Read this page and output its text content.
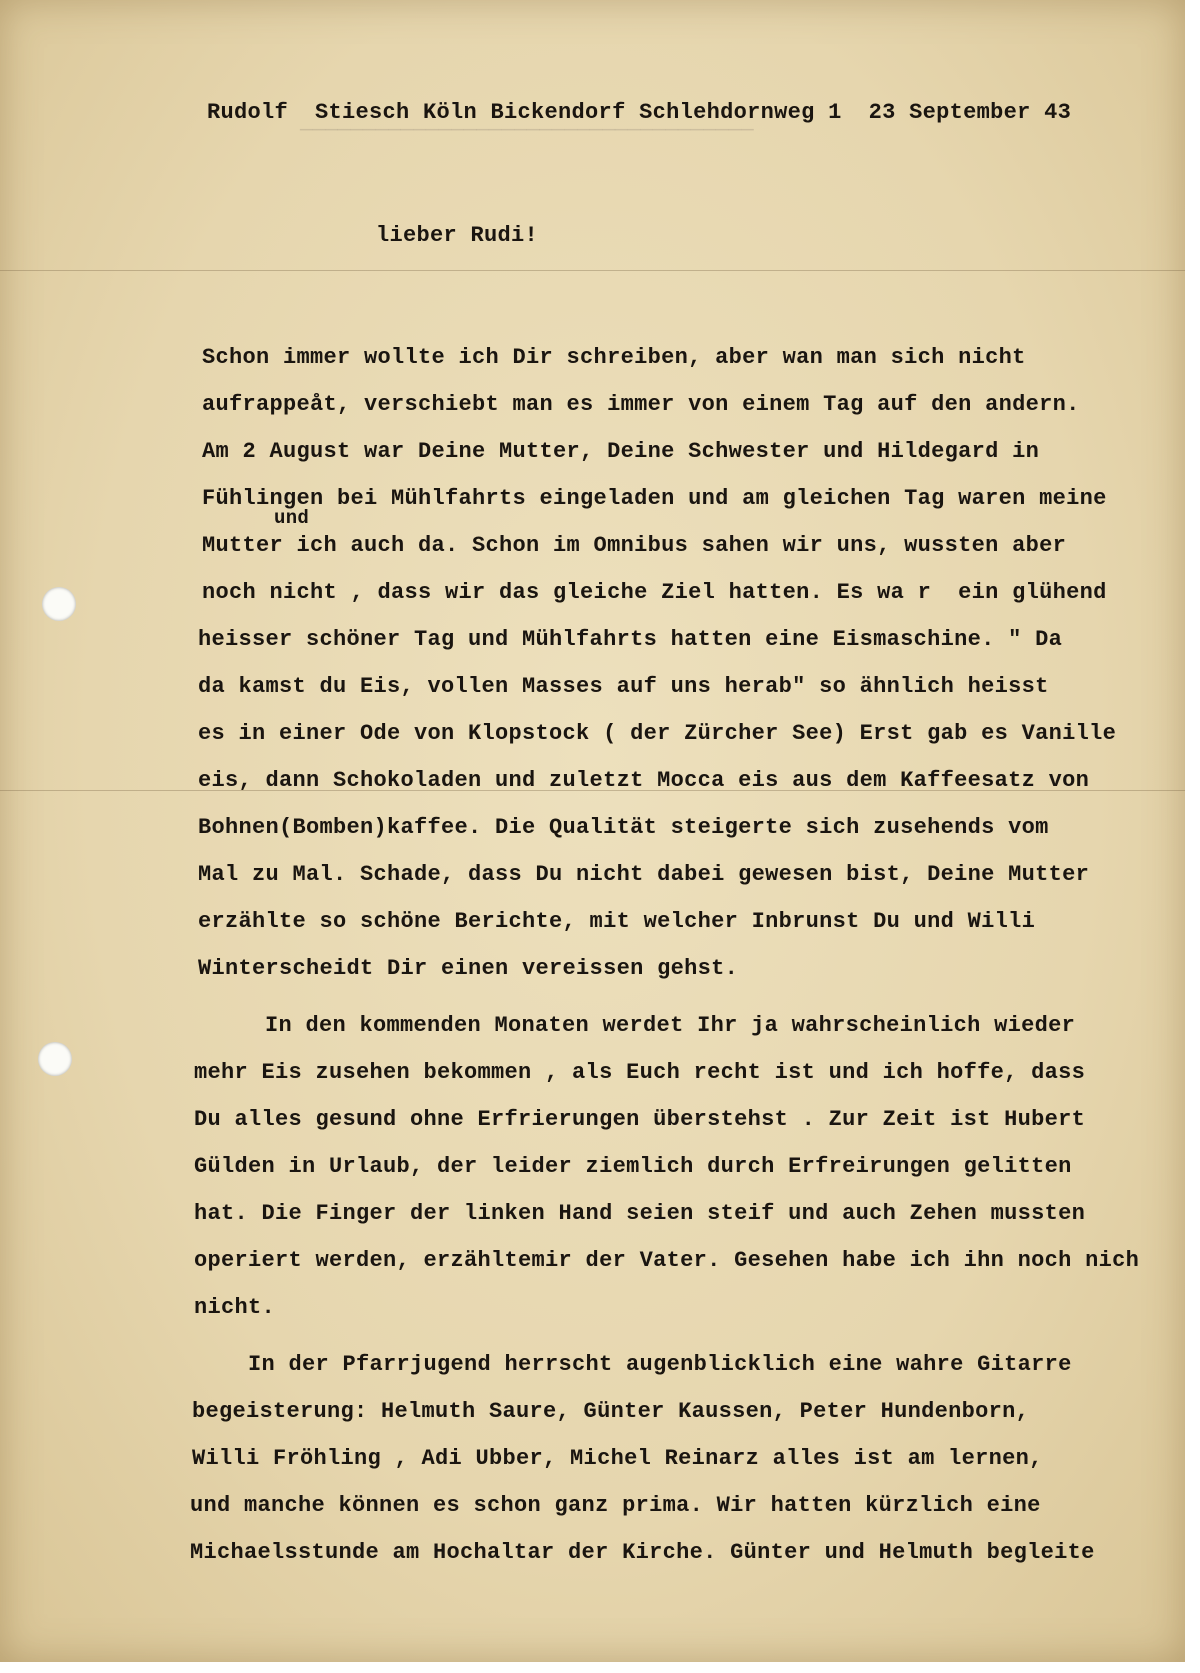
────────────────────────────────────
Rudolf  Stiesch Köln Bickendorf Schlehdornweg 1  23 September 43
lieber Rudi!
Schon immer wollte ich Dir schreiben, aber wan man sich nicht
aufrappeåt, verschiebt man es immer von einem Tag auf den andern.
Am 2 August war Deine Mutter, Deine Schwester und Hildegard in
Fühlingen bei Mühlfahrts eingeladen und am gleichen Tag waren meine
und
Mutter ich auch da. Schon im Omnibus sahen wir uns, wussten aber
noch nicht , dass wir das gleiche Ziel hatten. Es wa r  ein glühend
heisser schöner Tag und Mühlfahrts hatten eine Eismaschine. " Da
da kamst du Eis, vollen Masses auf uns herab" so ähnlich heisst
es in einer Ode von Klopstock ( der Zürcher See) Erst gab es Vanille
eis, dann Schokoladen und zuletzt Mocca eis aus dem Kaffeesatz von
Bohnen(Bomben)kaffee. Die Qualität steigerte sich zusehends vom
Mal zu Mal. Schade, dass Du nicht dabei gewesen bist, Deine Mutter
erzählte so schöne Berichte, mit welcher Inbrunst Du und Willi
Winterscheidt Dir einen vereissen gehst.
In den kommenden Monaten werdet Ihr ja wahrscheinlich wieder
mehr Eis zusehen bekommen , als Euch recht ist und ich hoffe, dass
Du alles gesund ohne Erfrierungen überstehst . Zur Zeit ist Hubert
Gülden in Urlaub, der leider ziemlich durch Erfreirungen gelitten
hat. Die Finger der linken Hand seien steif und auch Zehen mussten
operiert werden, erzähltemir der Vater. Gesehen habe ich ihn noch nich
nicht.
In der Pfarrjugend herrscht augenblicklich eine wahre Gitarre
begeisterung: Helmuth Saure, Günter Kaussen, Peter Hundenborn,
Willi Fröhling , Adi Ubber, Michel Reinarz alles ist am lernen,
und manche können es schon ganz prima. Wir hatten kürzlich eine
Michaelsstunde am Hochaltar der Kirche. Günter und Helmuth begleite
